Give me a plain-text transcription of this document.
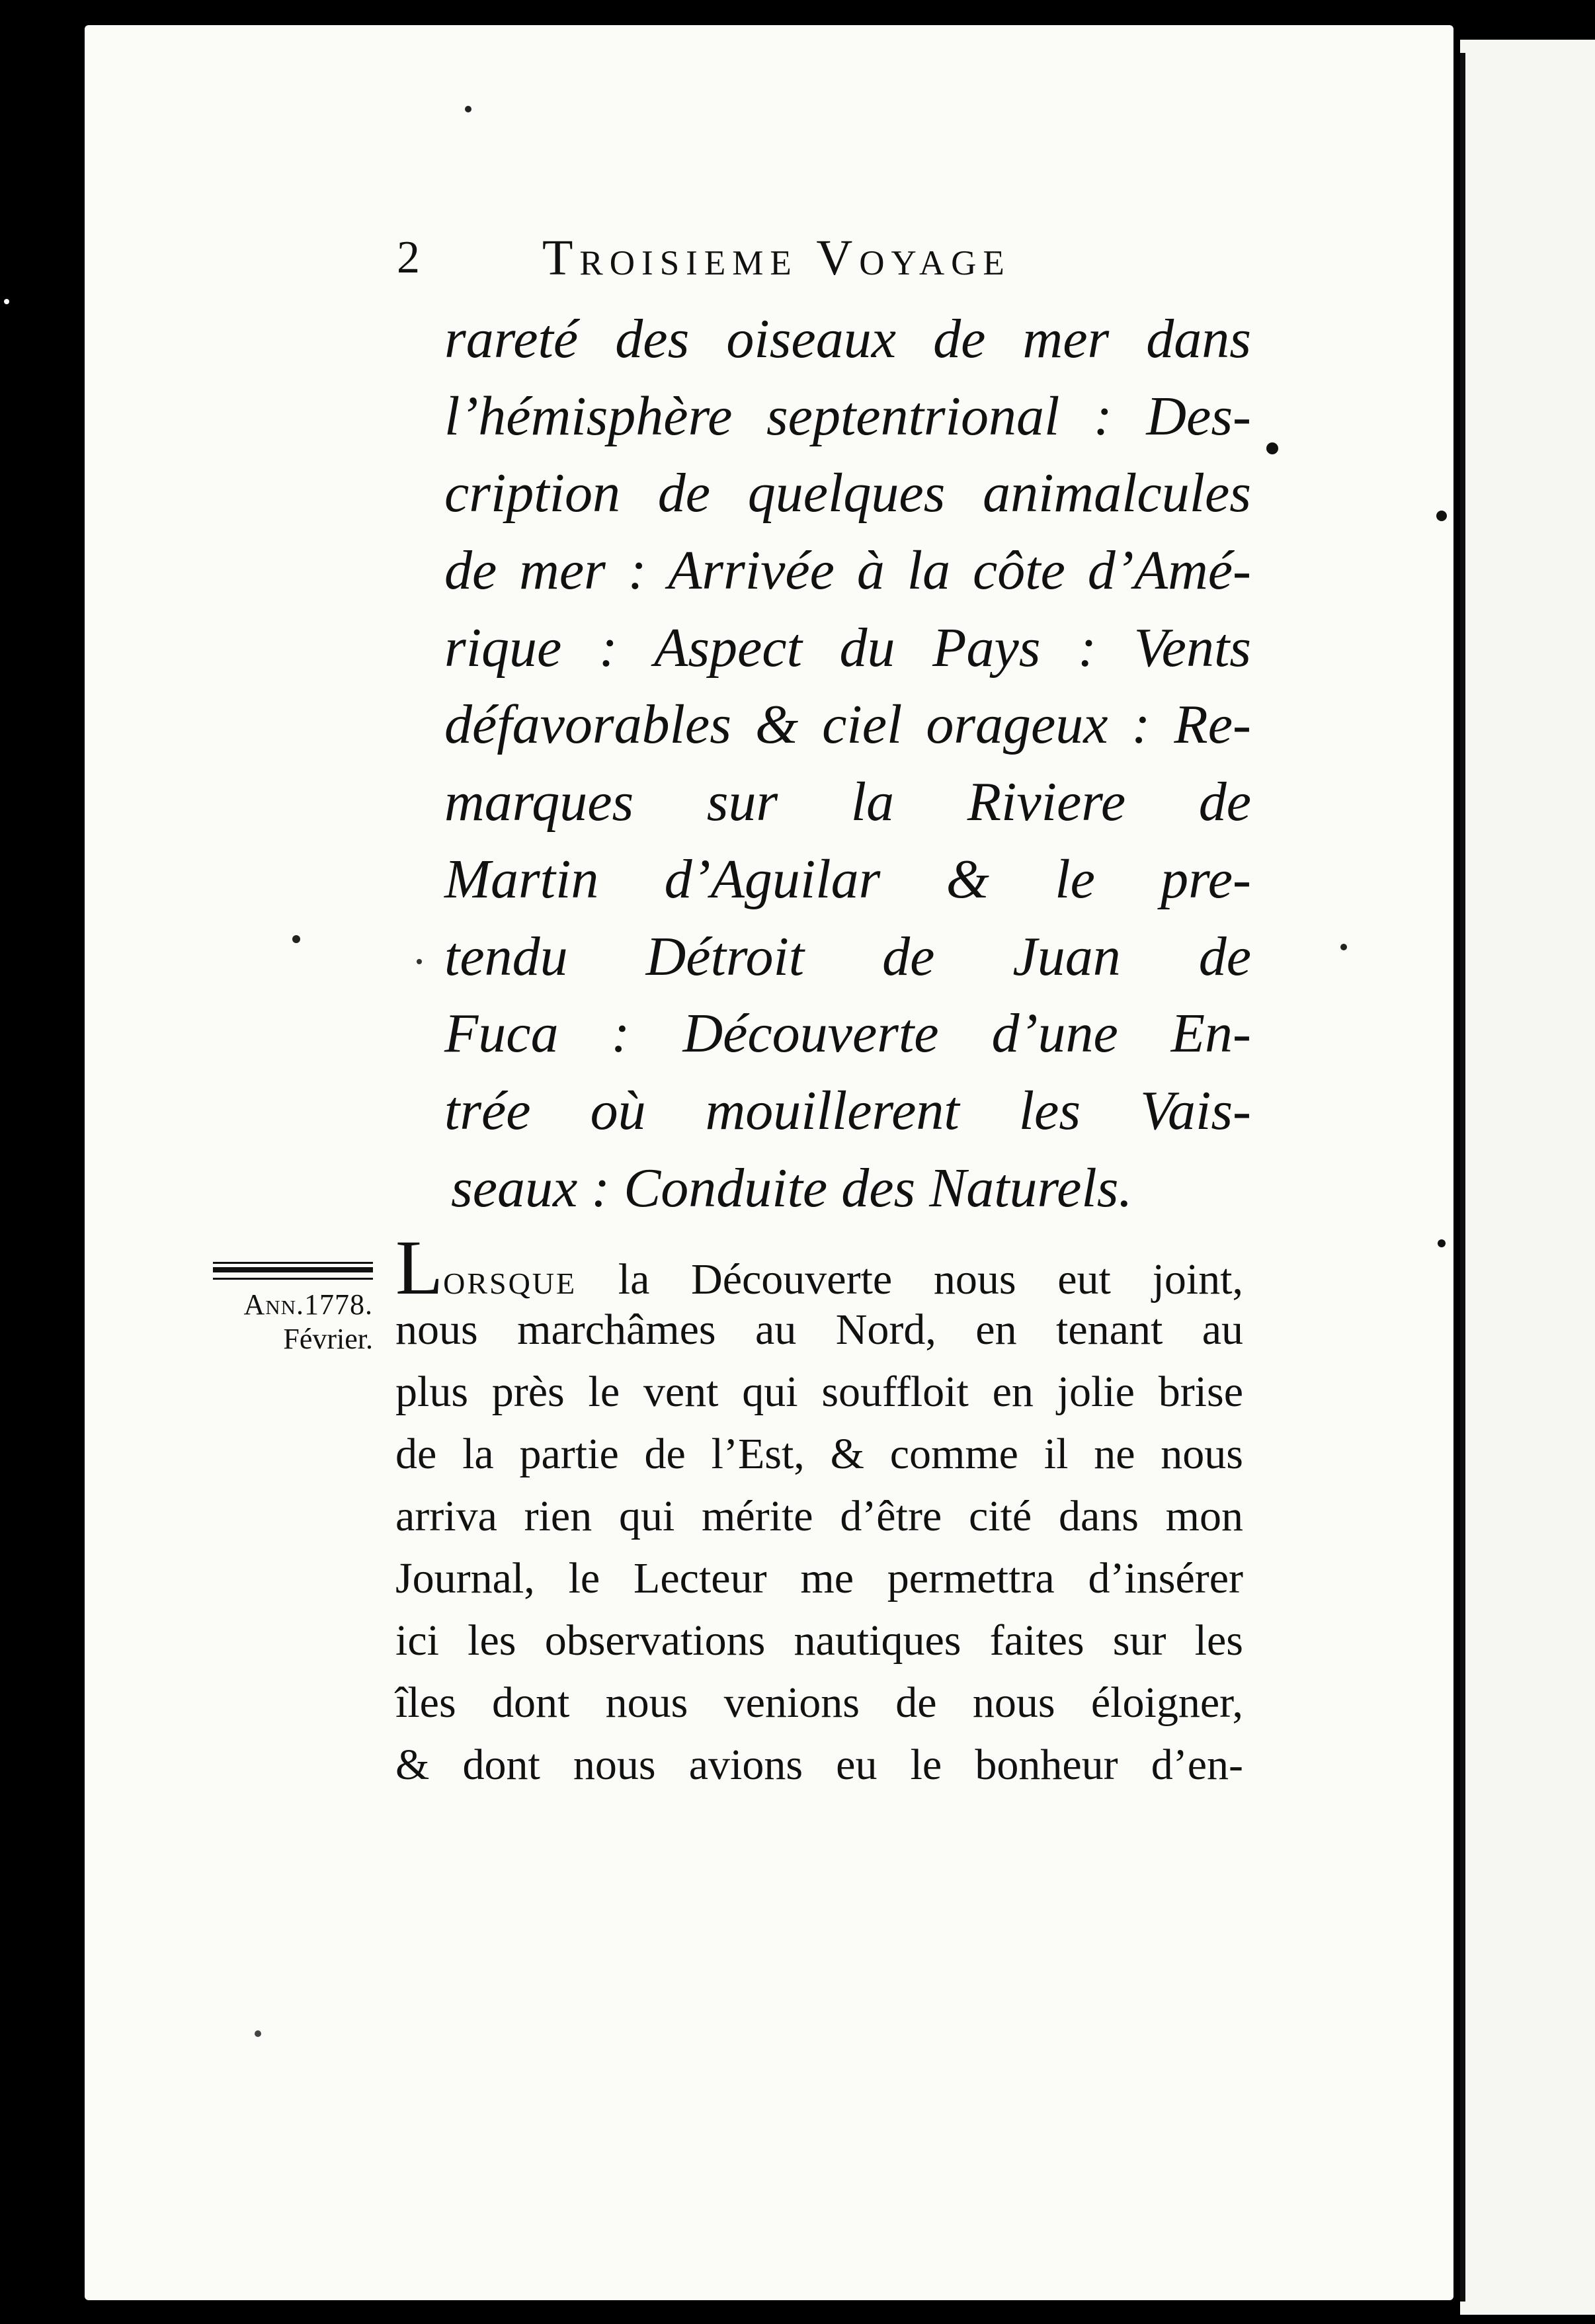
2 Troisieme Voyage
rareté des oiseaux de mer dans
l’hémisphère septentrional : Des-
cription de quelques animalcules
de mer : Arrivée à la côte d’Amé-
rique : Aspect du Pays : Vents
défavorables & ciel orageux : Re-
marques sur la Riviere de
Martin d’Aguilar & le pre-
tendu Détroit de Juan de
Fuca : Découverte d’une En-
trée où mouillerent les Vais-
seaux : Conduite des Naturels.
Ann.1778.
Février.
Lorsque la Découverte nous eut joint,
nous marchâmes au Nord, en tenant au
plus près le vent qui souffloit en jolie brise
de la partie de l’Est, & comme il ne nous
arriva rien qui mérite d’être cité dans mon
Journal, le Lecteur me permettra d’insérer
ici les observations nautiques faites sur les
îles dont nous venions de nous éloigner,
& dont nous avions eu le bonheur d’en-
